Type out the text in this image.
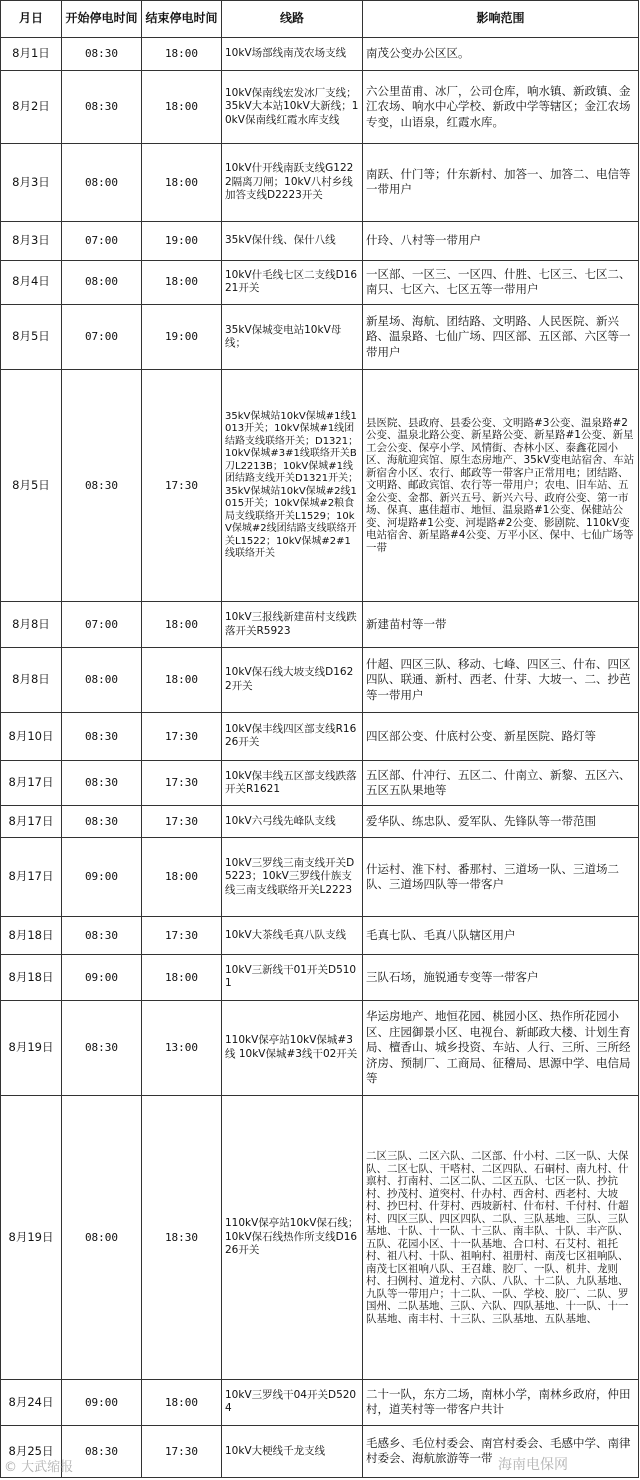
月日	开始停电时间	结束停电时间	线路	影响范围
8月1日	08:30	18:00	10kV场部线南茂农场支线	南茂公变办公区区。
8月2日	08:30	18:00	10kV保南线宏发冰厂支线；35kV大本站10kV大新线；10kV保南线红霞水库支线	六公里苗甫、冰厂，公司仓库，响水镇、新政镇、金江农场、响水中心学校、新政中学等辖区；金江农场专变，山语泉，红霞水库。
8月3日	08:00	18:00	10kV什开线南跃支线G1222隔离刀闸；10kV八村乡线加答支线D2223开关	南跃、什门等；什东新村、加答一、加答二、电信等一带用户
8月3日	07:00	19:00	35kV保什线、保什八线	什玲、八村等一带用户
8月4日	08:00	18:00	10kV什毛线七区二支线D1621开关	一区部、一区三、一区四、什胜、七区三、七区二、南只、七区六、七区五等一带用户
8月5日	07:00	19:00	35kV保城变电站10kV母线；	新星场、海航、团结路、文明路、人民医院、新兴路、温泉路、七仙广场、四区部、五区部、六区等一带用户
8月5日	08:30	17:30	35kV保城站10kV保城#1线1013开关；10kV保城#1线团结路支线联络开关；D1321；10kV保城#3#1线联络开关B刀L2213B；10kV保城#1线团结路支线开关D1321开关；35kV保城站10kV保城#2线1015开关；10kV保城#2粮食局支线联络开关L1529；10kV保城#2线团结路支线联络开关L1522；10kV保城#2#1线联络开关	县医院、县政府、县委公变、文明路#3公变、温泉路#2公变、温泉北路公变、新星路公变、新星路#1公变、新星工会公变、保亭小学、风情街、杏林小区、泰鑫花园小区、海航迎宾馆、原生态房地产、35kV变电站宿舍、车站新宿舍小区、农行、邮政等一带客户正常用电；团结路、文明路、邮政宾馆、农行等一带用户；农电、旧车站、五金公变、金都、新兴五号、新兴六号、政府公变、第一市场、保真、惠佳超市、地恒、温泉路#1公变、保健站公变、河堤路#1公变、河堤路#2公变、影剧院、110kV变电站宿舍、新星路#4公变、万平小区、保中、七仙广场等一带
8月8日	07:00	18:00	10kV三报线新建苗村支线跌落开关R5923	新建苗村等一带
8月8日	08:00	18:00	10kV保石线大坡支线D1622开关	什超、四区三队、移动、七峰、四区三、什布、四区四队、联通、新村、西老、什芽、大坡一、二、抄芭等一带用户
8月10日	08:30	17:30	10kV保丰线四区部支线R1626开关	四区部公变、什底村公变、新星医院、路灯等
8月17日	08:30	17:30	10kV保丰线五区部支线跌落开关R1621	五区部、什冲行、五区二、什南立、新黎、五区六、五区五队果地等
8月17日	08:30	17:30	10kV六弓线先峰队支线	爱华队、练忠队、爱军队、先锋队等一带范围
8月17日	09:00	18:00	10kV三罗线三南支线开关D5223；10kV三罗线什族支线三南支线联络开关L2223	什运村、淮下村、番那村、三道场一队、三道场二队、三道场四队等一带客户
8月18日	08:30	17:30	10kV大茶线毛真八队支线	毛真七队、毛真八队辖区用户
8月18日	09:00	18:00	10kV三新线干01开关D5101	三队石场，施锐通专变等一带客户
8月19日	08:30	13:00	110kV保亭站10kV保城#3线 10kV保城#3线干02开关	华运房地产、地恒花园、桃园小区、热作所花园小区、庄园御景小区、电视台、新邮政大楼、计划生育局、檀香山、城乡投资、车站、人行、三所、三所经济房、预制厂、工商局、征稽局、思源中学、电信局等
8月19日	08:00	18:30	110kV保亭站10kV保石线；10kV保石线热作所支线D1626开关	二区三队、二区六队、二区部、什小村、二区一队、大保队、二区七队、干嗒村、二区四队、石硐村、南九村、什禀村、打南村、二区二队、二区五队、七区一队、抄抗村、抄茂村、道突村、什办村、西舍村、西老村、大坡村、抄巴村、什芽村、西坡新村、什布村、千付村、什超村、四区三队、四区四队、二队、三队基地、三队、三队基地、十队、十一队、十三队、南丰队、十队、丰产队、五队、花园小区、十一队基地、合口村、石艾村、祖托村、祖八村、十队、祖响村、祖册村、南茂七区祖响队、南茂七区祖响八队、王召雄、胶厂、一队、机井、龙则村、扫例村、道龙村、六队、八队、十二队、九队基地、九队等一带用户；十二队、一队、学校、胶厂、二队、罗国州、二队基地、三队、六队、四队基地、十一队、十一队基地、南丰村、十三队、三队基地、五队基地、
8月24日	09:00	18:00	10kV三罗线干04开关D5204	二十一队，东方二场，南林小学，南林乡政府，仲田村，道芙村等一带客户共计
8月25日	08:30	17:30	10kV大梗线千龙支线	毛感乡、毛位村委会、南宫村委会、毛感中学、南律村委会、海航旅游等一带
© 大武缩报	海南电保网
